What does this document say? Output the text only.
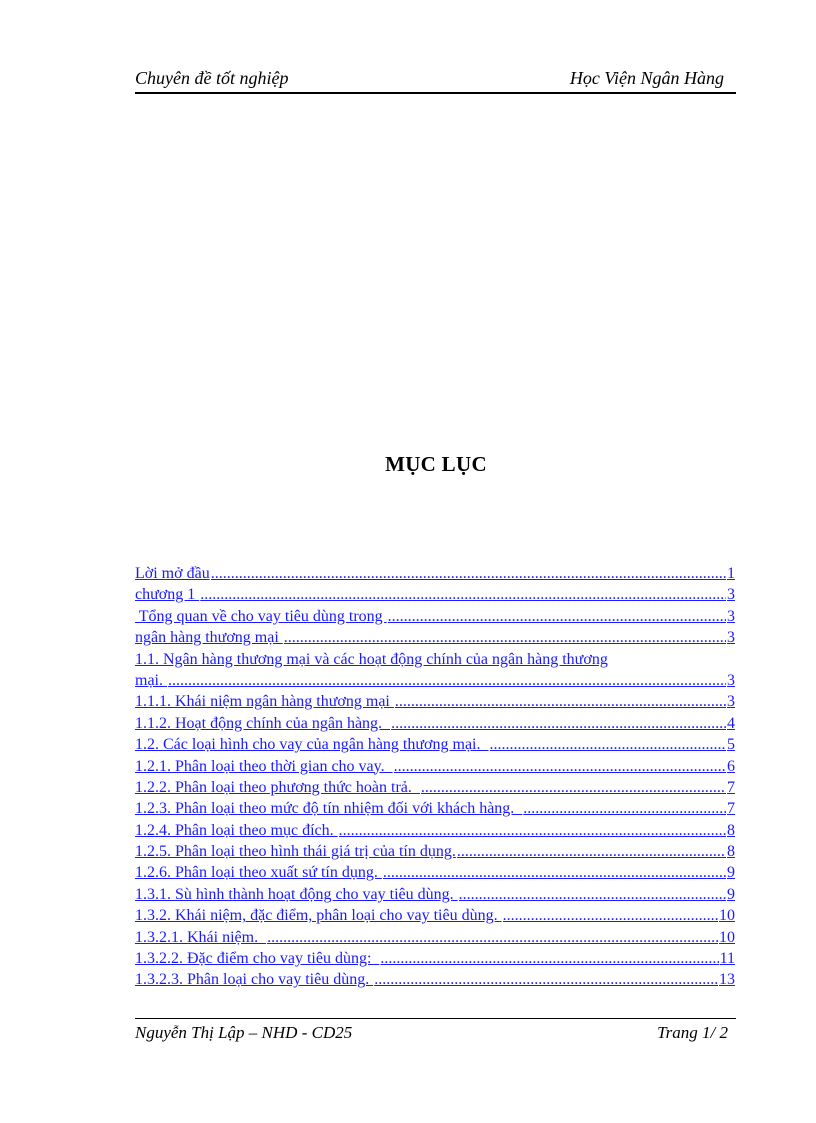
Chuyên đề tốt nghiệp	Học Viện Ngân Hàng
MỤC LỤC
Lời mở đầu .....	1
chương 1 .....	3
Tổng quan về cho vay tiêu dùng trong .....	3
ngân hàng thương mại .....	3
1.1. Ngân hàng thương mại và các hoạt động chính của ngân hàng thương
mại. .....	3
1.1.1. Khái niệm ngân hàng thương mại .....	3
1.1.2. Hoạt động chính của ngân hàng. .....	4
1.2. Các loại hình cho vay của ngân hàng thương mại. .....	5
1.2.1. Phân loại theo thời gian cho vay. .....	6
1.2.2. Phân loại theo phương thức hoàn trả. .....	7
1.2.3. Phân loại theo mức độ tín nhiệm đối với khách hàng. .....	7
1.2.4. Phân loại theo mục đích. .....	8
1.2.5. Phân loại theo hình thái giá trị của tín dụng. .....	8
1.2.6. Phân loại theo xuất sứ tín dụng. .....	9
1.3.1. Sù hình thành hoạt động cho vay tiêu dùng. .....	9
1.3.2. Khái niệm, đặc điểm, phân loại cho vay tiêu dùng. .....	10
1.3.2.1. Khái niệm. .....	10
1.3.2.2. Đặc điểm cho vay tiêu dùng: .....	11
1.3.2.3. Phân loại cho vay tiêu dùng. .....	13
Nguyễn Thị Lập – NHD - CD25	Trang 1/ 2
